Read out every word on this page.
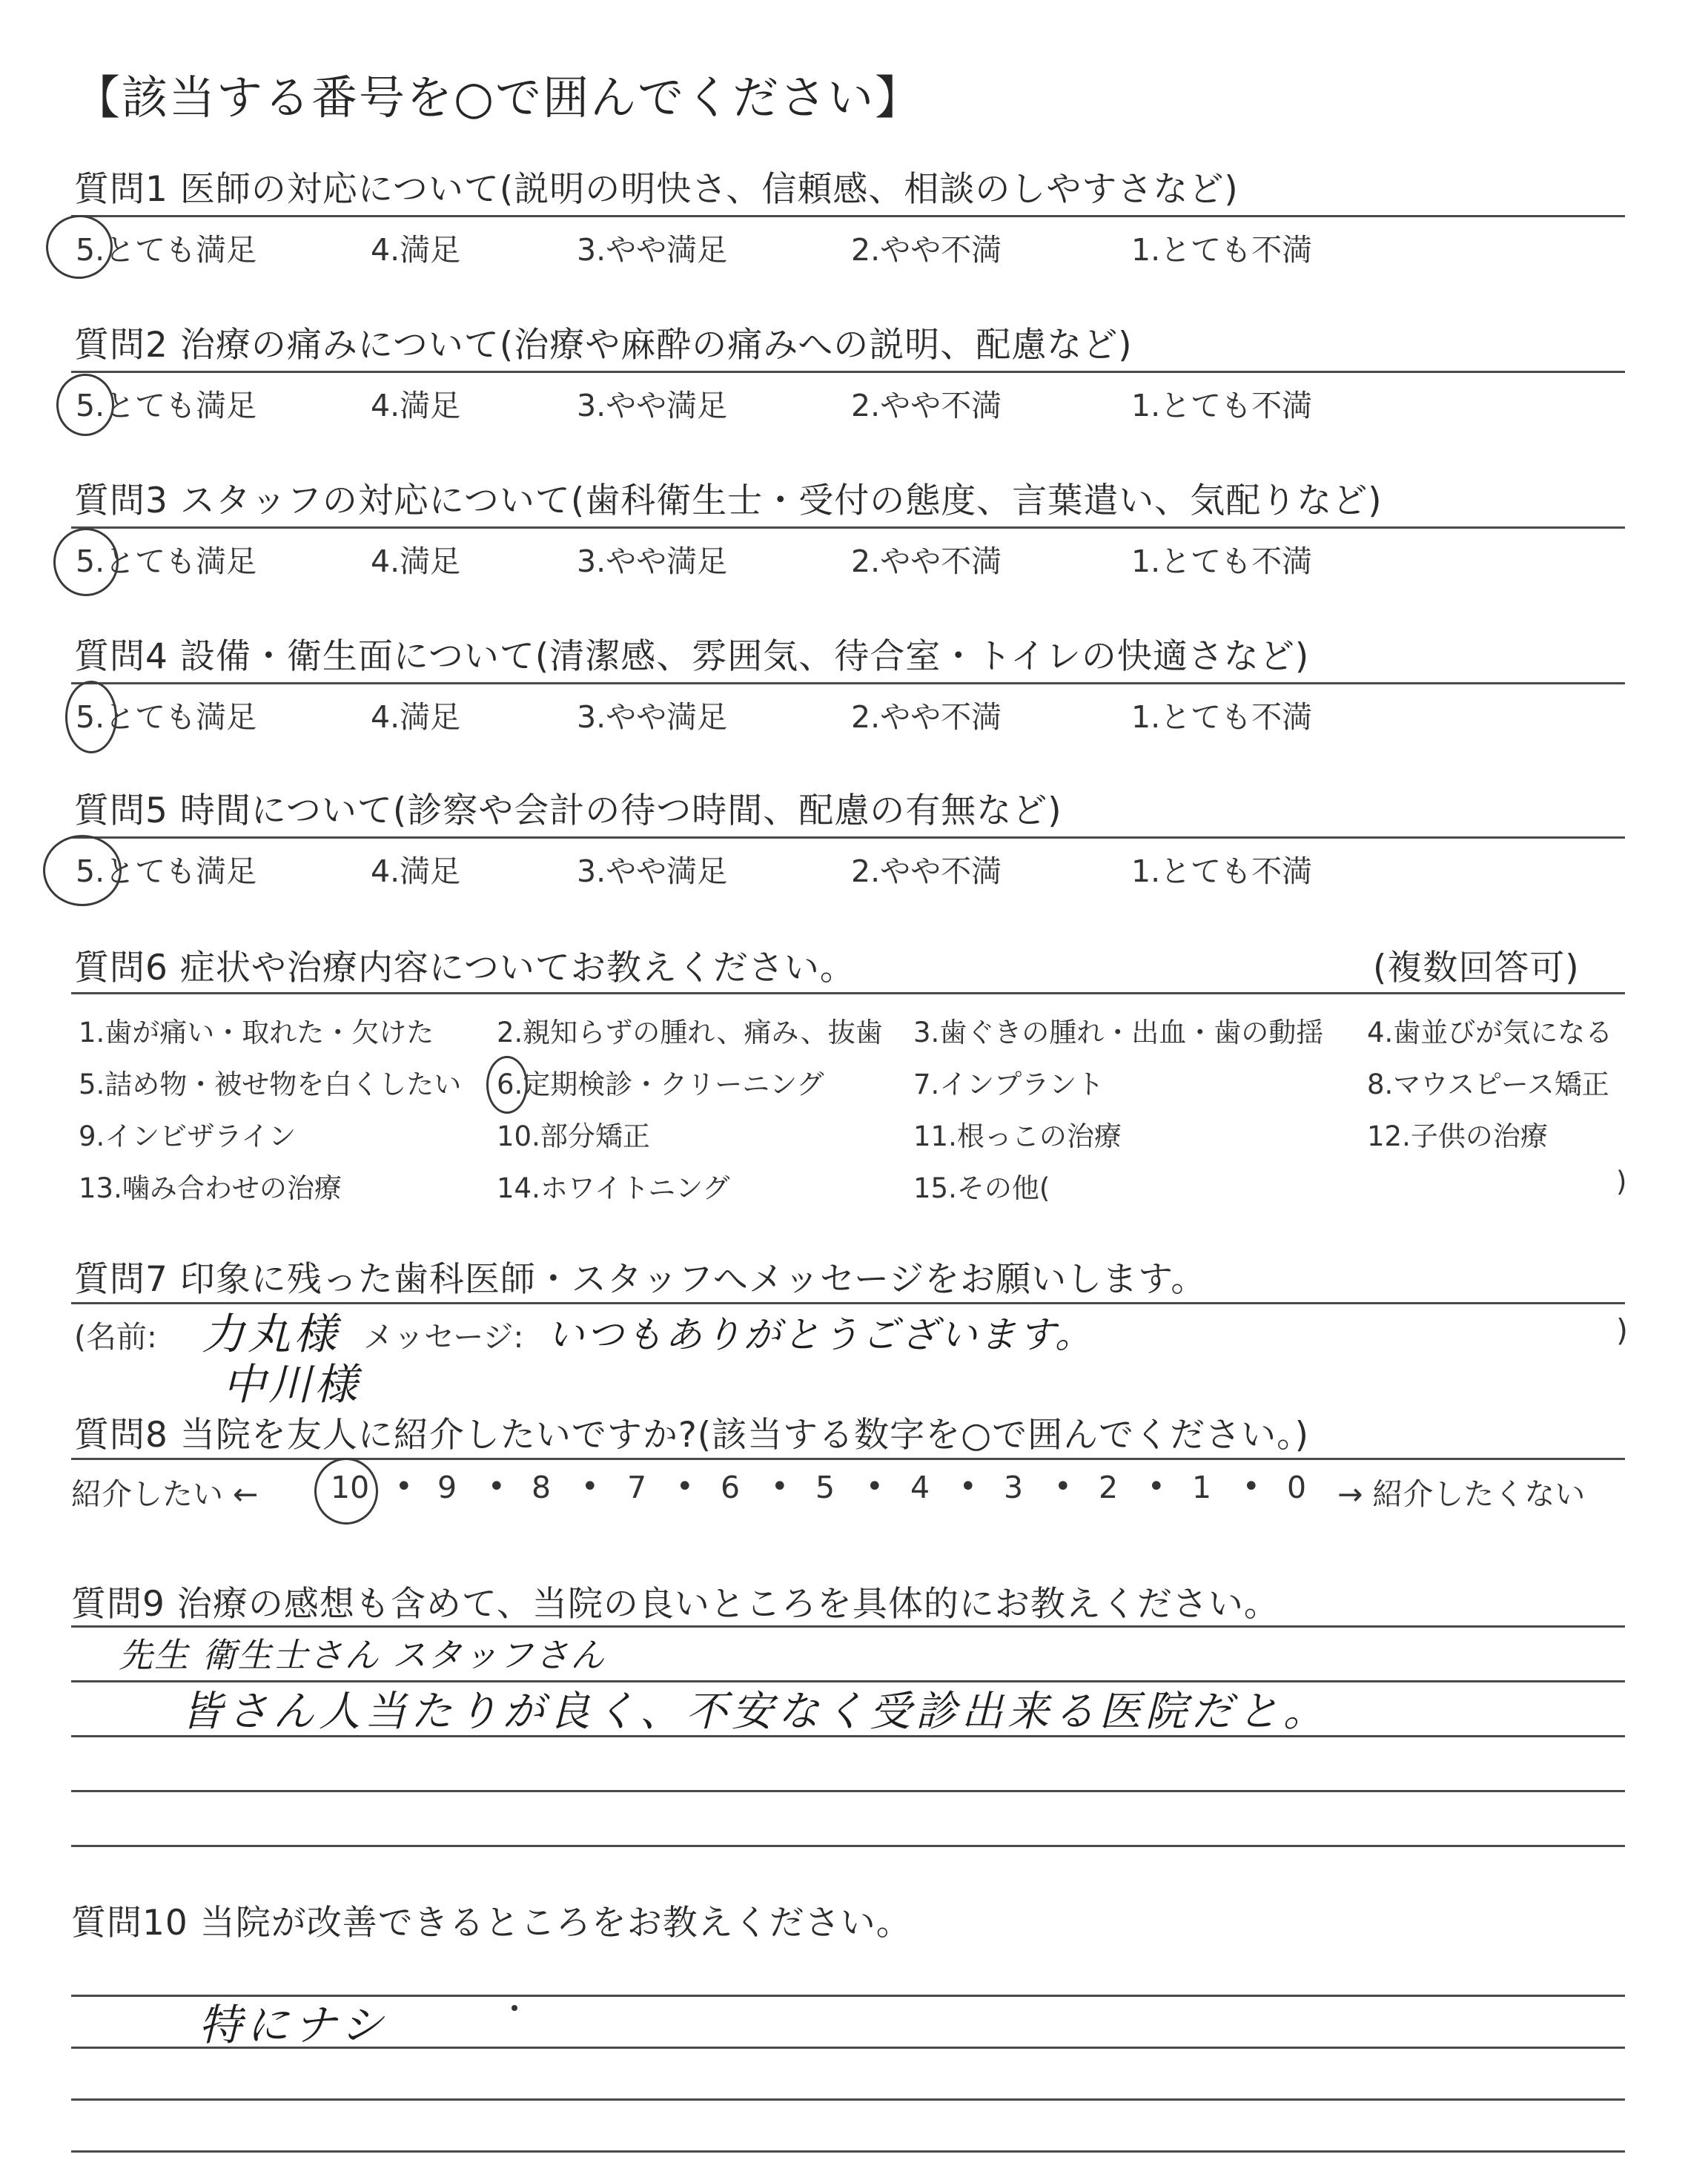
【該当する番号を○で囲んでください】
質問1 医師の対応について(説明の明快さ、信頼感、相談のしやすさなど)
5.とても満足	4.満足	3.やや満足	2.やや不満	1.とても不満
質問2 治療の痛みについて(治療や麻酔の痛みへの説明、配慮など)
5.とても満足	4.満足	3.やや満足	2.やや不満	1.とても不満
質問3 スタッフの対応について(歯科衛生士・受付の態度、言葉遣い、気配りなど)
5.とても満足	4.満足	3.やや満足	2.やや不満	1.とても不満
質問4 設備・衛生面について(清潔感、雰囲気、待合室・トイレの快適さなど)
5.とても満足	4.満足	3.やや満足	2.やや不満	1.とても不満
質問5 時間について(診察や会計の待つ時間、配慮の有無など)
5.とても満足	4.満足	3.やや満足	2.やや不満	1.とても不満
質問6 症状や治療内容についてお教えください。	(複数回答可)
1.歯が痛い・取れた・欠けた 2.親知らずの腫れ、痛み、抜歯 3.歯ぐきの腫れ・出血・歯の動揺 4.歯並びが気になる
5.詰め物・被せ物を白くしたい 6.定期検診・クリーニング	7.インプラント	8.マウスピース矯正
9.インビザライン	10.部分矯正	11.根っこの治療	12.子供の治療
13.噛み合わせの治療	14.ホワイトニング	15.その他(	)
質問7 印象に残った歯科医師・スタッフへメッセージをお願いします。
(名前: 力丸様
中川様
メッセージ: いつもありがとうございます。	)
質問8 当院を友人に紹介したいですか?(該当する数字を○で囲んでください。)
紹介したい ← 10 • 9 • 8 • 7 • 6 • 5 • 4 • 3 • 2 • 1 • 0 → 紹介したくない
質問9 治療の感想も含めて、当院の良いところを具体的にお教えください。
先生 衛生士さん スタッフさん
皆さん人当たりが良く、不安なく受診出来る医院だと。
質問10 当院が改善できるところをお教えください。
特にナシ
